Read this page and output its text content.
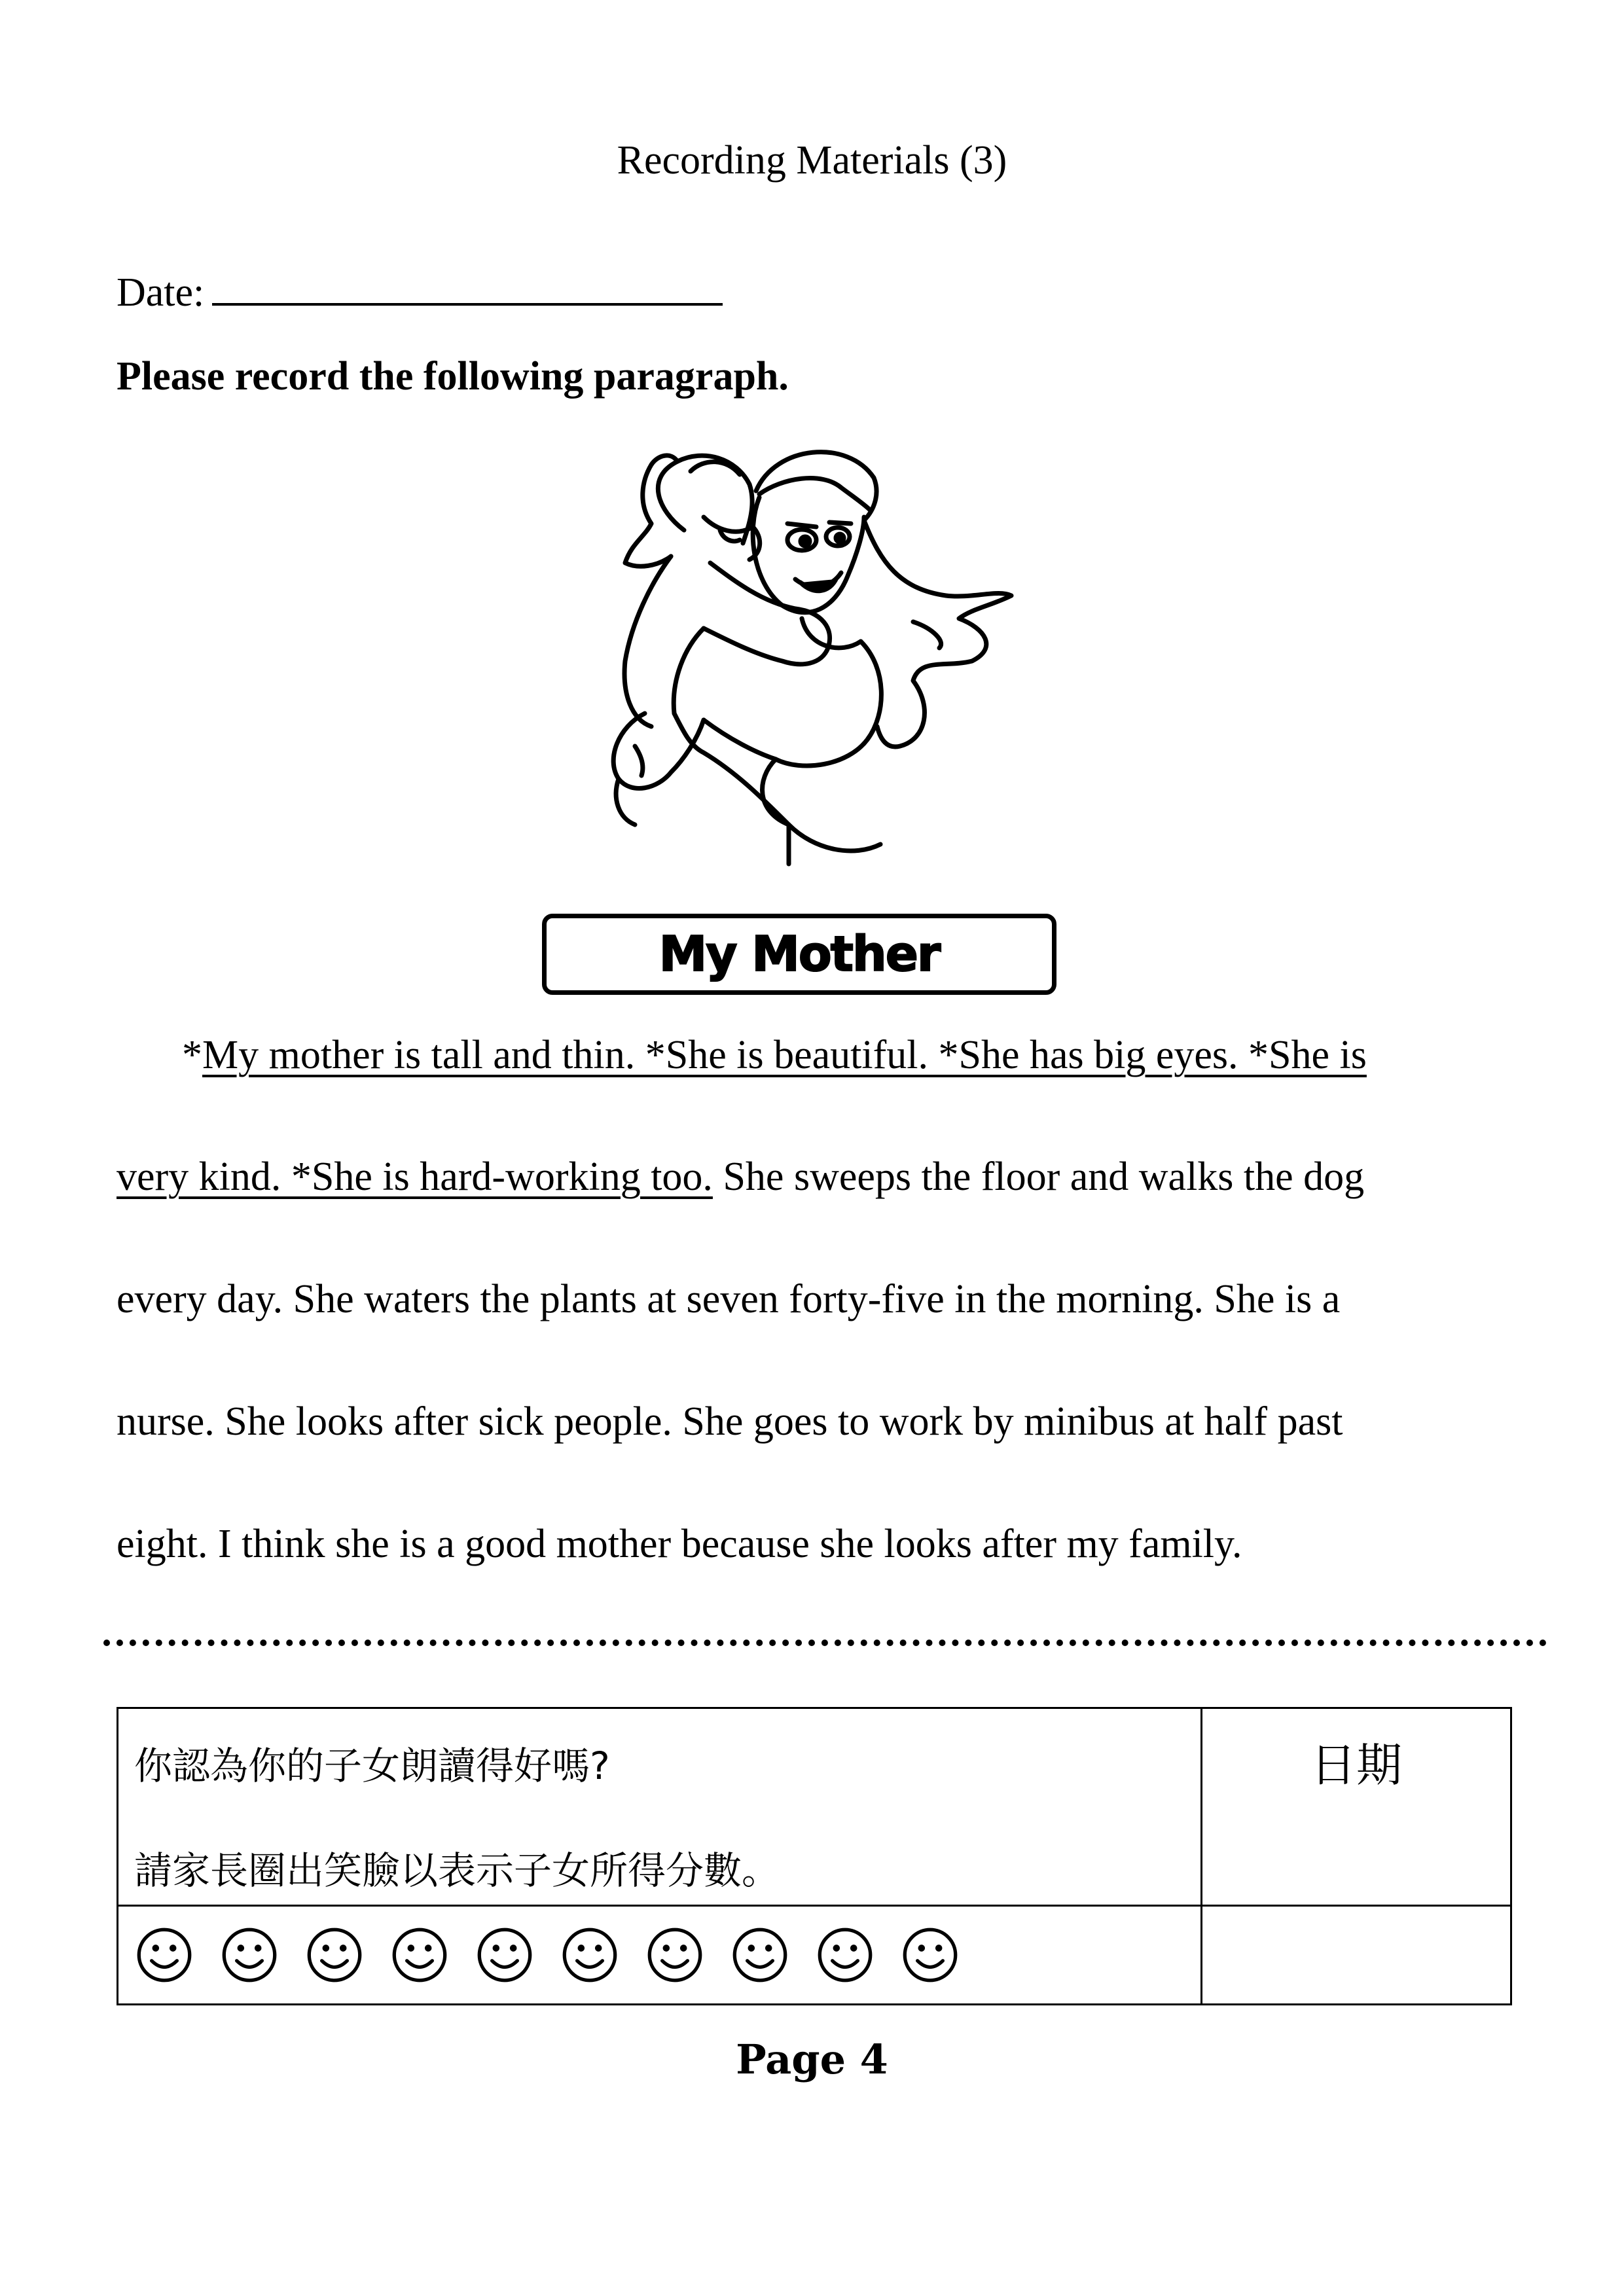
Recording Materials (3)
Date:
Please record the following paragraph.
My Mother
*My mother is tall and thin. *She is beautiful. *She has big eyes. *She is
very kind. *She is hard-working too. She sweeps the floor and walks the dog
every day. She waters the plants at seven forty-five in the morning. She is a
nurse. She looks after sick people. She goes to work by minibus at half past
eight. I think she is a good mother because she looks after my family.
你認為你的子女朗讀得好嗎?
請家長圈出笑臉以表示子女所得分數。
日期
Page 4
